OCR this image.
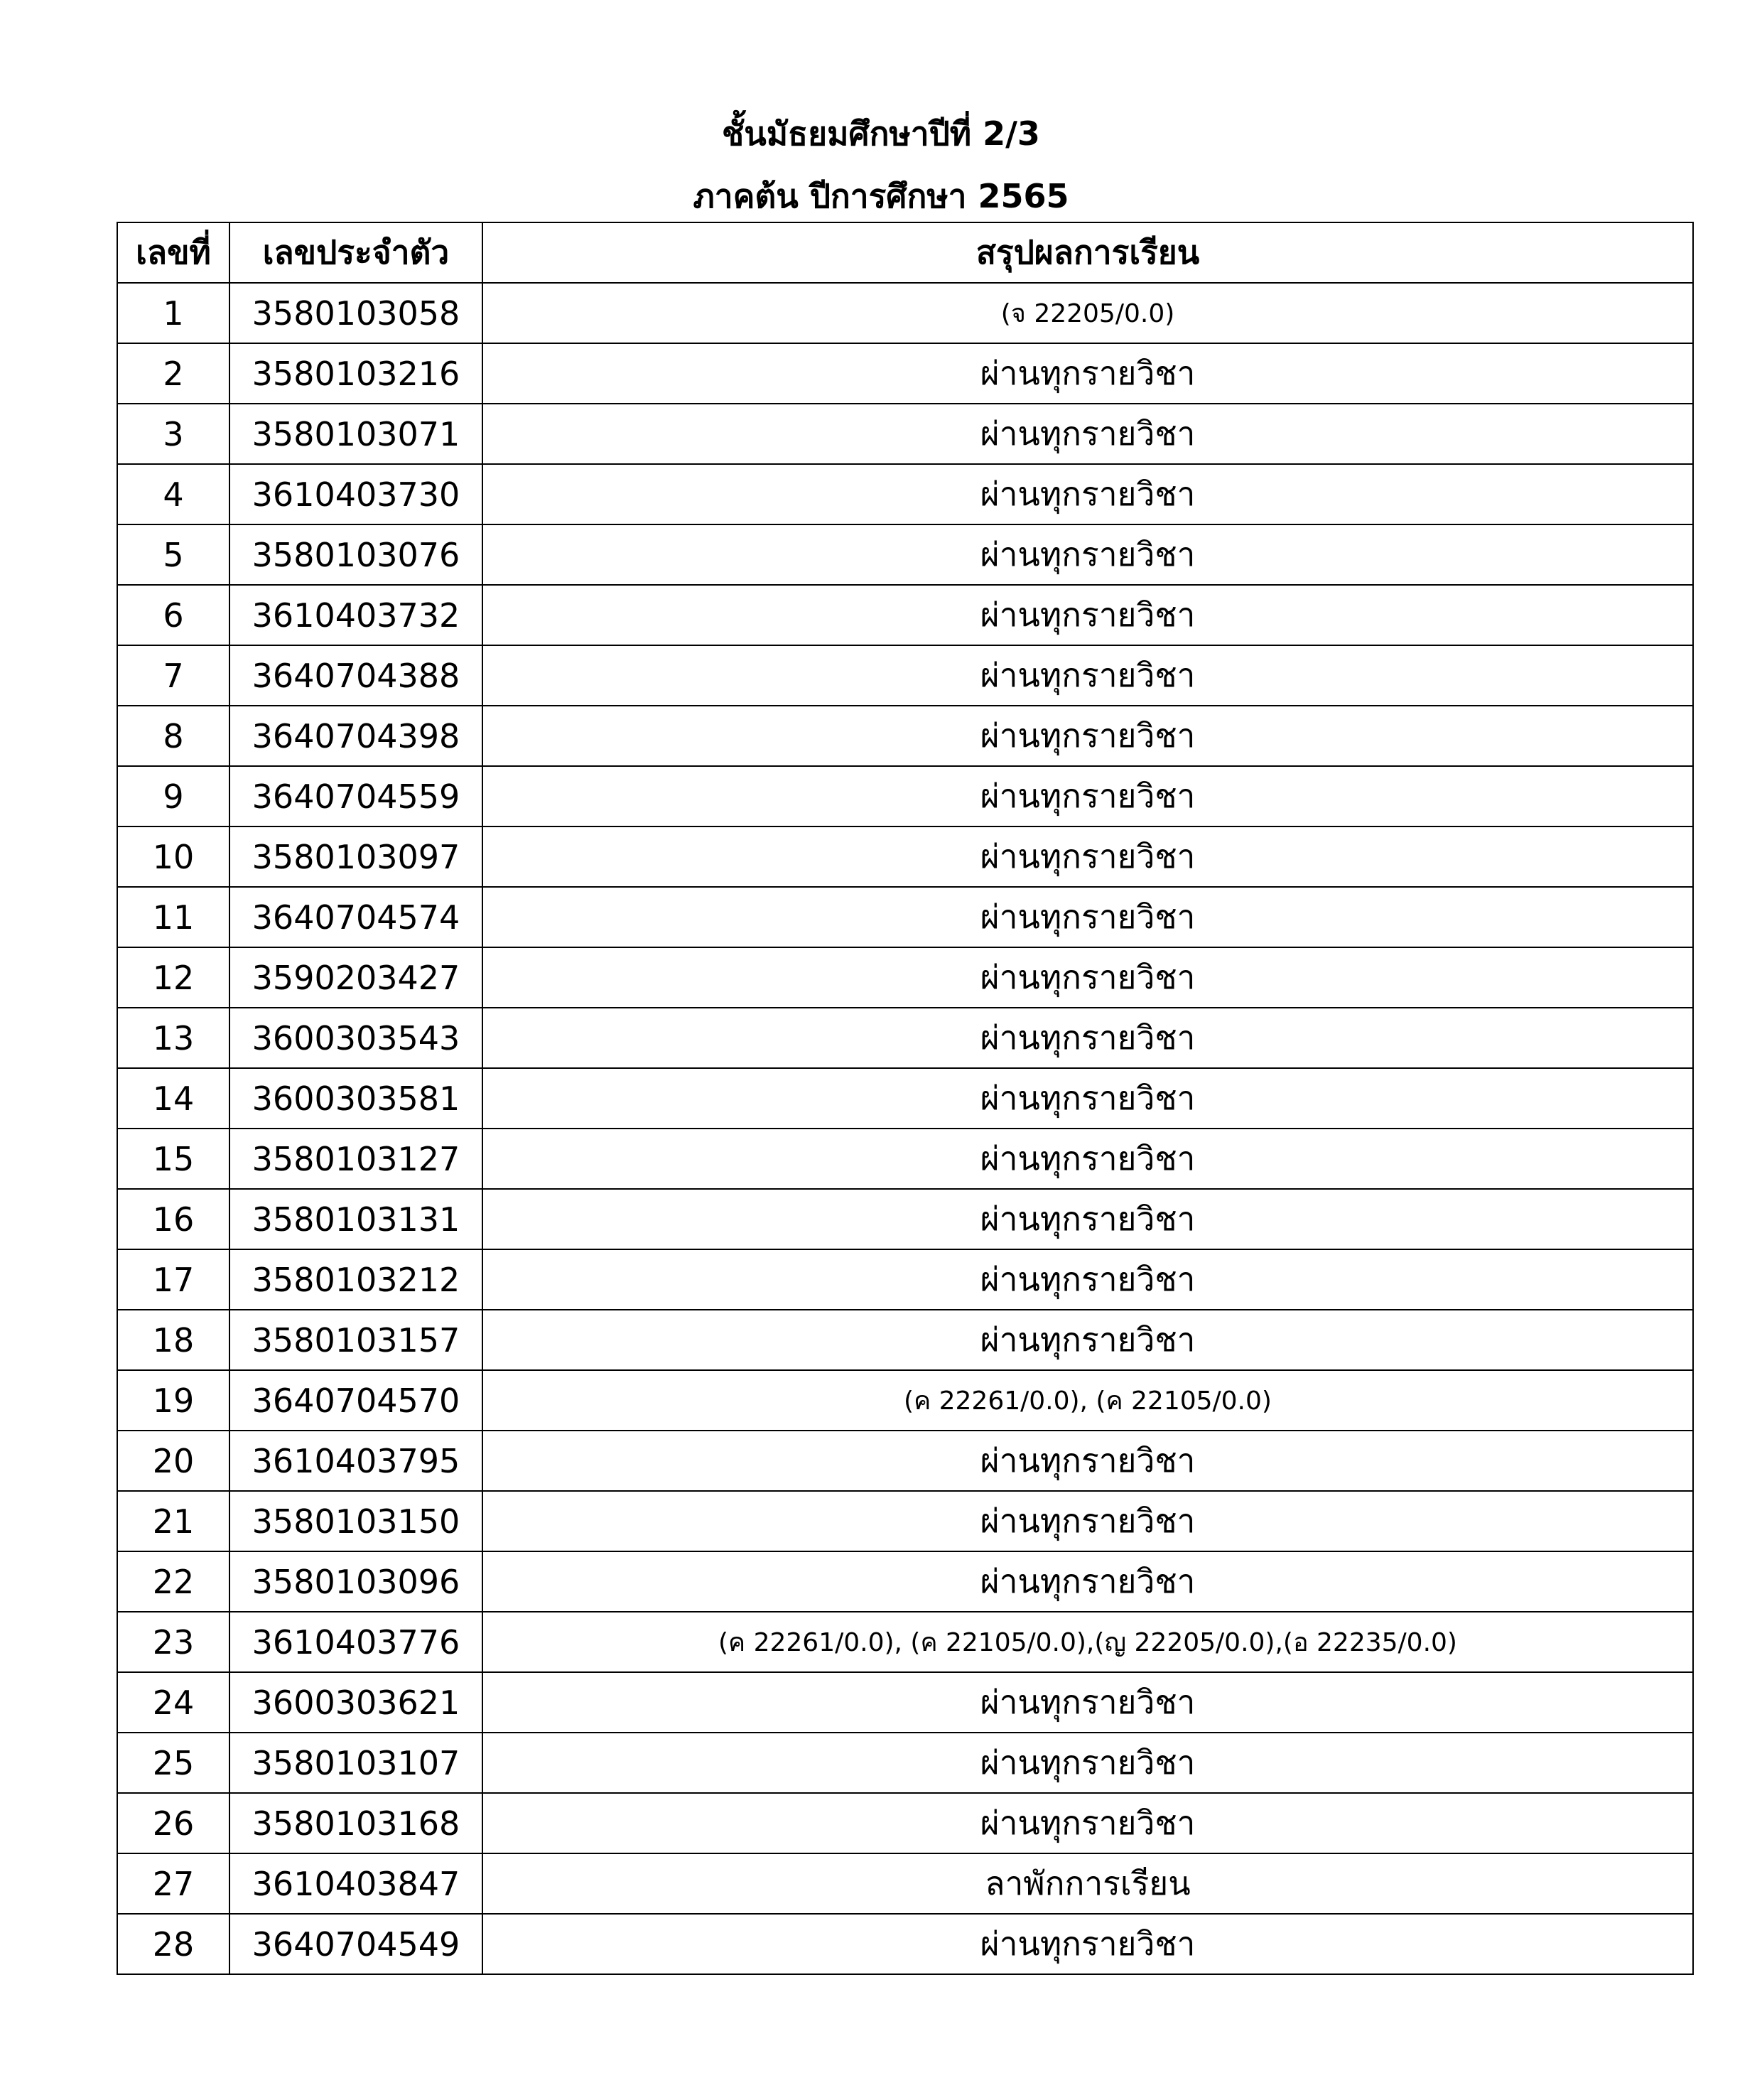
ชั้นมัธยมศึกษาปีที่ 2/3
ภาคต้น ปีการศึกษา 2565
เลขที่	เลขประจำตัว	สรุปผลการเรียน
1	3580103058	(จ 22205/0.0)
2	3580103216	ผ่านทุกรายวิชา
3	3580103071	ผ่านทุกรายวิชา
4	3610403730	ผ่านทุกรายวิชา
5	3580103076	ผ่านทุกรายวิชา
6	3610403732	ผ่านทุกรายวิชา
7	3640704388	ผ่านทุกรายวิชา
8	3640704398	ผ่านทุกรายวิชา
9	3640704559	ผ่านทุกรายวิชา
10	3580103097	ผ่านทุกรายวิชา
11	3640704574	ผ่านทุกรายวิชา
12	3590203427	ผ่านทุกรายวิชา
13	3600303543	ผ่านทุกรายวิชา
14	3600303581	ผ่านทุกรายวิชา
15	3580103127	ผ่านทุกรายวิชา
16	3580103131	ผ่านทุกรายวิชา
17	3580103212	ผ่านทุกรายวิชา
18	3580103157	ผ่านทุกรายวิชา
19	3640704570	(ค 22261/0.0), (ค 22105/0.0)
20	3610403795	ผ่านทุกรายวิชา
21	3580103150	ผ่านทุกรายวิชา
22	3580103096	ผ่านทุกรายวิชา
23	3610403776	(ค 22261/0.0), (ค 22105/0.0),(ญ 22205/0.0),(อ 22235/0.0)
24	3600303621	ผ่านทุกรายวิชา
25	3580103107	ผ่านทุกรายวิชา
26	3580103168	ผ่านทุกรายวิชา
27	3610403847	ลาพักการเรียน
28	3640704549	ผ่านทุกรายวิชา
